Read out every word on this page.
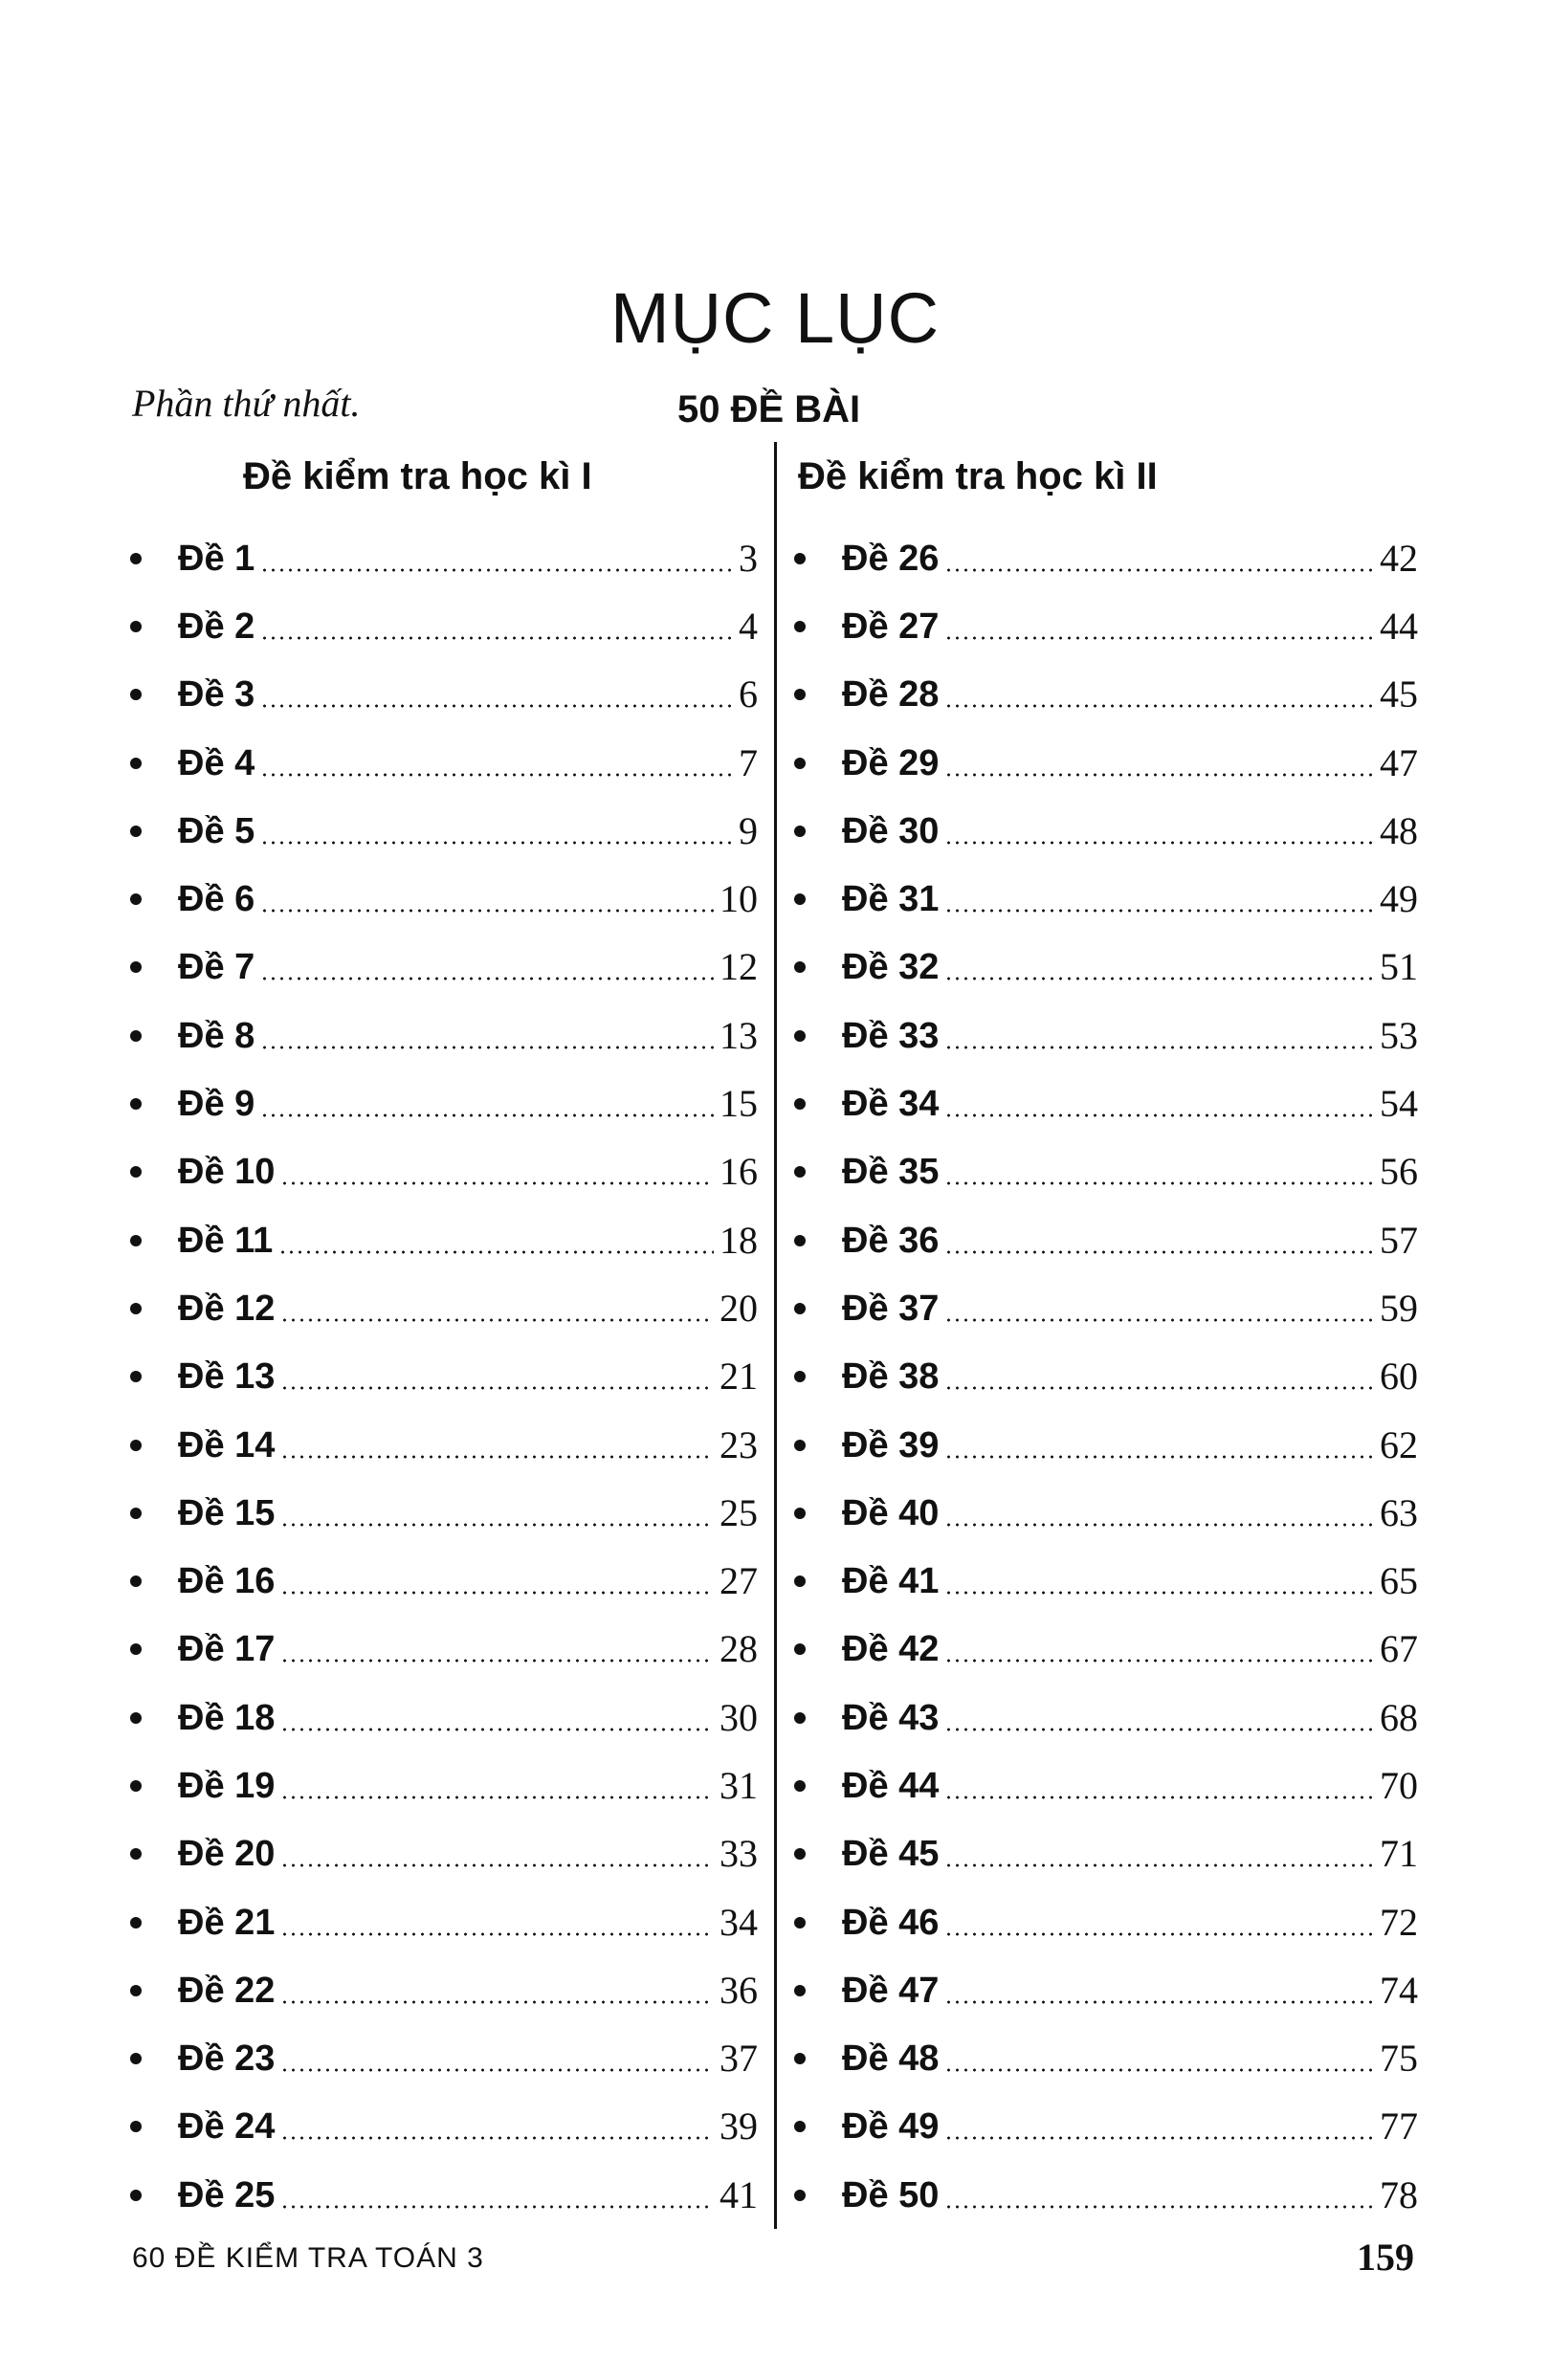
MỤC LỤC
Phần thứ nhất.	50 ĐỀ BÀI
Đề kiểm tra học kì I	Đề kiểm tra học kì II
Đề 1	3
Đề 2	4
Đề 3	6
Đề 4	7
Đề 5	9
Đề 6	10
Đề 7	12
Đề 8	13
Đề 9	15
Đề 10	16
Đề 11	18
Đề 12	20
Đề 13	21
Đề 14	23
Đề 15	25
Đề 16	27
Đề 17	28
Đề 18	30
Đề 19	31
Đề 20	33
Đề 21	34
Đề 22	36
Đề 23	37
Đề 24	39
Đề 25	41
Đề 26	42
Đề 27	44
Đề 28	45
Đề 29	47
Đề 30	48
Đề 31	49
Đề 32	51
Đề 33	53
Đề 34	54
Đề 35	56
Đề 36	57
Đề 37	59
Đề 38	60
Đề 39	62
Đề 40	63
Đề 41	65
Đề 42	67
Đề 43	68
Đề 44	70
Đề 45	71
Đề 46	72
Đề 47	74
Đề 48	75
Đề 49	77
Đề 50	78
60 ĐỀ KIỂM TRA TOÁN 3	159
